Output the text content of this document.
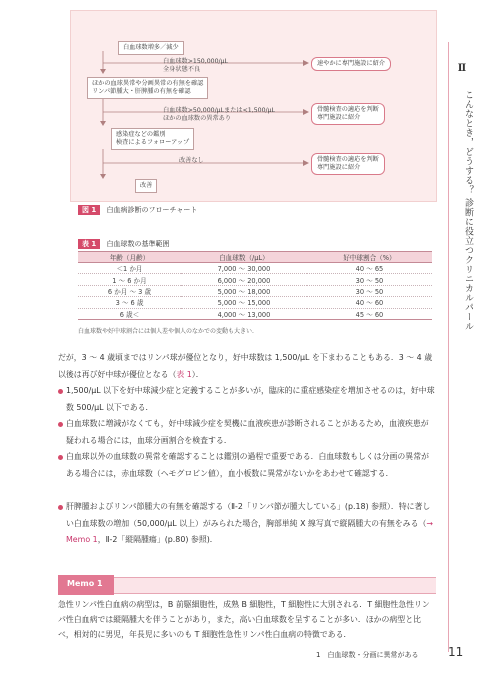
白血球数増多／減少
白血球数>150,000/μL
全身状態不良
速やかに専門施設に紹介
ほかの血球異常や分画異常の有無を確認
リンパ節腫大・肝脾腫の有無を確認
白血球数>50,000/μLまたは<1,500/μL
ほかの血球数の異常あり
骨髄検査の適応を判断
専門施設に紹介
感染症などの鑑別
検査によるフォローアップ
改善なし	骨髄検査の適応を判断
専門施設に紹介
改善
図 1 白血病診断のフローチャート
表 1 白血球数の基準範囲
年齢（月齢）	白血球数（/μL）	好中球割合（%）
＜1 か月	7,000 〜 30,000	40 〜 65
1 〜 6 か月	6,000 〜 20,000	30 〜 50
6 か月 〜 3 歳	5,000 〜 18,000	30 〜 50
3 〜 6 歳	5,000 〜 15,000	40 〜 60
6 歳＜	4,000 〜 13,000	45 〜 60
白血球数や好中球割合には個人差や個人のなかでの変動も大きい.
だが，3 〜 4 歳頃まではリンパ球が優位となり，好中球数は 1,500/μL を下まわることもある．3 〜 4 歳以後は再び好中球が優位となる（表 1）．
1,500/μL 以下を好中球減少症と定義することが多いが，臨床的に重症感染症を増加させるのは，好中球数 500/μL 以下である．
白血球数に増減がなくても，好中球減少症を契機に血液疾患が診断されることがあるため，血液疾患が疑われる場合には，血球分画割合を検査する．
白血球以外の血球数の異常を確認することは鑑別の過程で重要である．白血球数もしくは分画の異常がある場合には，赤血球数（ヘモグロビン値），血小板数に異常がないかをあわせて確認する．
肝脾腫およびリンパ節腫大の有無を確認する（Ⅱ-2「リンパ節が腫大している」(p.18) 参照）．特に著しい白血球数の増加（50,000/μL 以上）がみられた場合，胸部単純 X 線写真で縦隔腫大の有無をみる（→ Memo 1，Ⅱ-2「縦隔腫瘍」(p.80) 参照)．
Memo 1
急性リンパ性白血病の病型は，B 前駆細胞性，成熟 B 細胞性，T 細胞性に大別される．T 細胞性急性リンパ性白血病では縦隔腫大を伴うことがあり，また，高い白血球数を呈することが多い．ほかの病型と比べ，相対的に男児，年長児に多いのも T 細胞性急性リンパ性白血病の特徴である．
Ⅱ
こんなとき，どうする？ 診断に役立つクリニカルパール
1　白血球数・分画に異常がある 11
